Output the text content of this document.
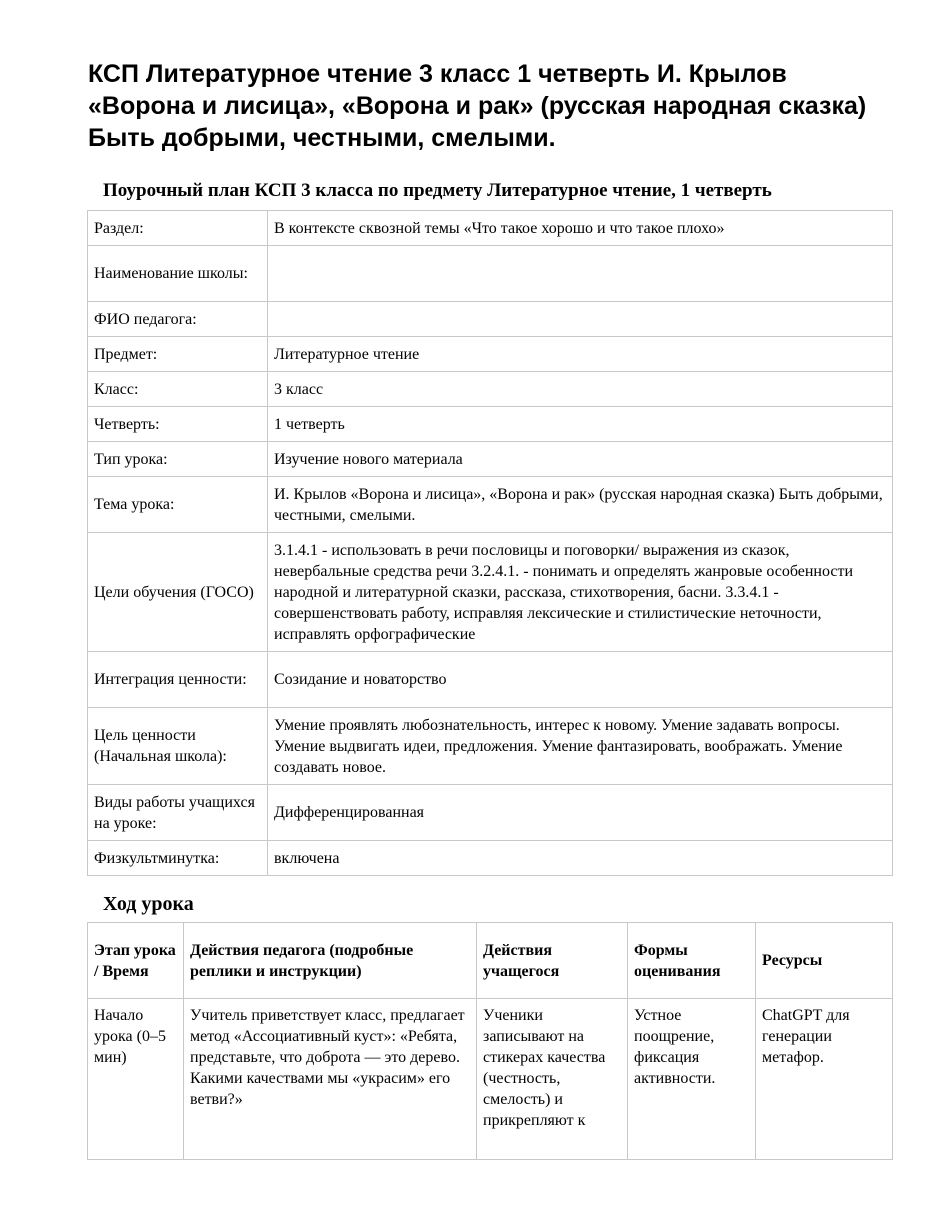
КСП Литературное чтение 3 класс 1 четверть И. Крылов «Ворона и лисица», «Ворона и рак» (русская народная сказка) Быть добрыми, честными, смелыми.
Поурочный план КСП 3 класса по предмету Литературное чтение, 1 четверть
Раздел:	В контексте сквозной темы «Что такое хорошо и что такое плохо»
Наименование школы:	
ФИО педагога:	
Предмет:	Литературное чтение
Класс:	3 класс
Четверть:	1 четверть
Тип урока:	Изучение нового материала
Тема урока:	И. Крылов «Ворона и лисица», «Ворона и рак» (русская народная сказка) Быть добрыми, честными, смелыми.
Цели обучения (ГОСО)	3.1.4.1 - использовать в речи пословицы и поговорки/ выражения из сказок, невербальные средства речи 3.2.4.1. - понимать и определять жанровые особенности народной и литературной сказки, рассказа, стихотворения, басни. 3.3.4.1 - совершенствовать работу, исправляя лексические и стилистические неточности, исправлять орфографические
Интеграция ценности:	Созидание и новаторство
Цель ценности (Начальная школа):	Умение проявлять любознательность, интерес к новому. Умение задавать вопросы. Умение выдвигать идеи, предложения. Умение фантазировать, воображать. Умение создавать новое.
Виды работы учащихся на уроке:	Дифференцированная
Физкультминутка:	включена
Ход урока
Этап урока / Время	Действия педагога (подробные реплики и инструкции)	Действия учащегося	Формы оценивания	Ресурсы
Начало урока (0–5 мин)	Учитель приветствует класс, предлагает метод «Ассоциативный куст»: «Ребята, представьте, что доброта — это дерево. Какими качествами мы «украсим» его ветви?»	Ученики записывают на стикерах качества (честность, смелость) и прикрепляют к	Устное поощрение, фиксация активности.	ChatGPT для генерации метафор.
